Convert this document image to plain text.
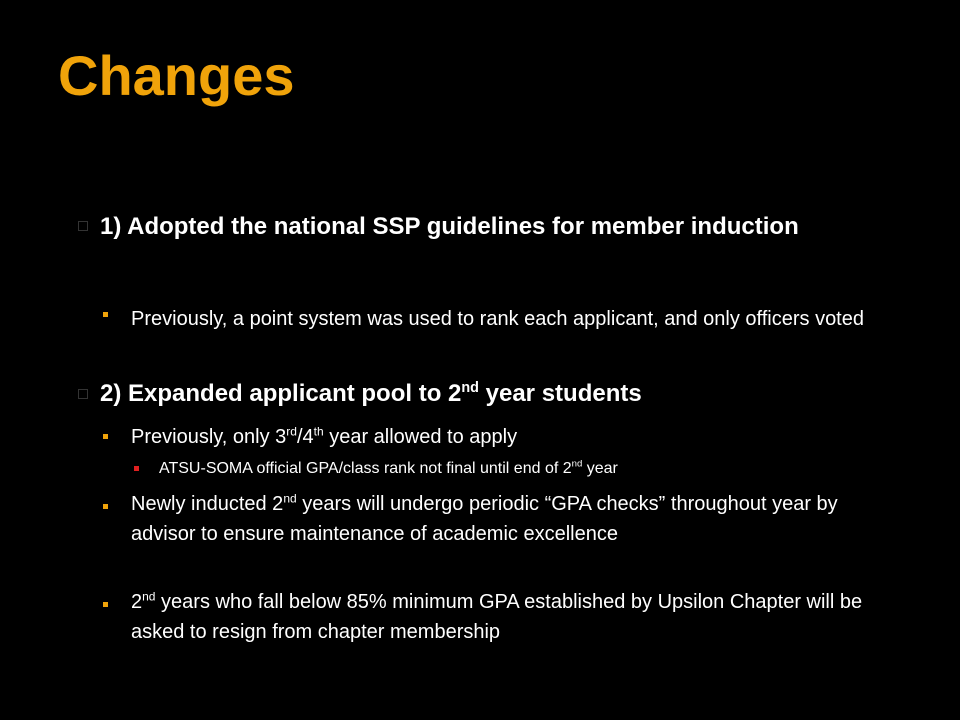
Changes
1) Adopted the national SSP guidelines for member induction
Previously, a point system was used to rank each applicant, and only officers voted
2) Expanded applicant pool to 2nd year students
Previously, only 3rd/4th year allowed to apply
ATSU-SOMA official GPA/class rank not final until end of 2nd year
Newly inducted 2nd years will undergo periodic “GPA checks” throughout year by advisor to ensure maintenance of academic excellence
2nd years who fall below 85% minimum GPA established by Upsilon Chapter will be asked to resign from chapter membership
